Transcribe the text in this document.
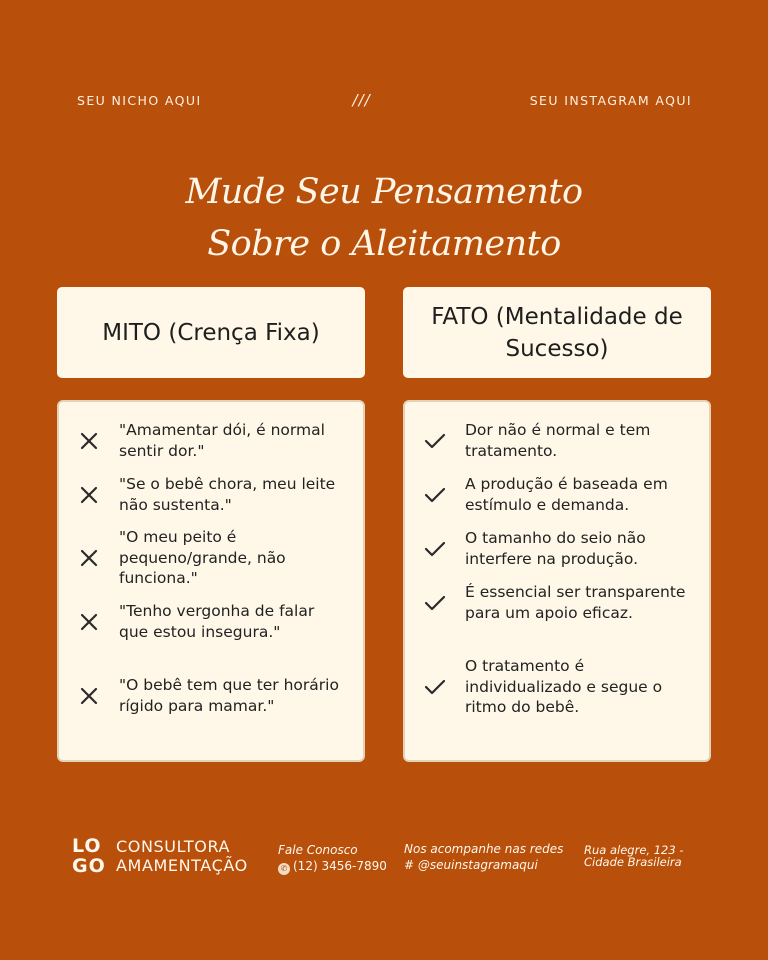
SEU NICHO AQUI	///	SEU INSTAGRAM AQUI
Mude Seu Pensamento
Sobre o Aleitamento
MITO (Crença Fixa)
FATO (Mentalidade de Sucesso)
"Amamentar dói, é normal sentir dor."
"Se o bebê chora, meu leite não sustenta."
"O meu peito é pequeno/grande, não funciona."
"Tenho vergonha de falar que estou insegura."
"O bebê tem que ter horário rígido para mamar."
Dor não é normal e tem tratamento.
A produção é baseada em estímulo e demanda.
O tamanho do seio não interfere na produção.
É essencial ser transparente para um apoio eficaz.
O tratamento é individualizado e segue o ritmo do bebê.
LO
GO
CONSULTORA
AMAMENTAÇÃO
Fale Conosco
✆ (12) 3456-7890
Nos acompanhe nas redes
# @seuinstagramaqui
Rua alegre, 123 -
Cidade Brasileira
